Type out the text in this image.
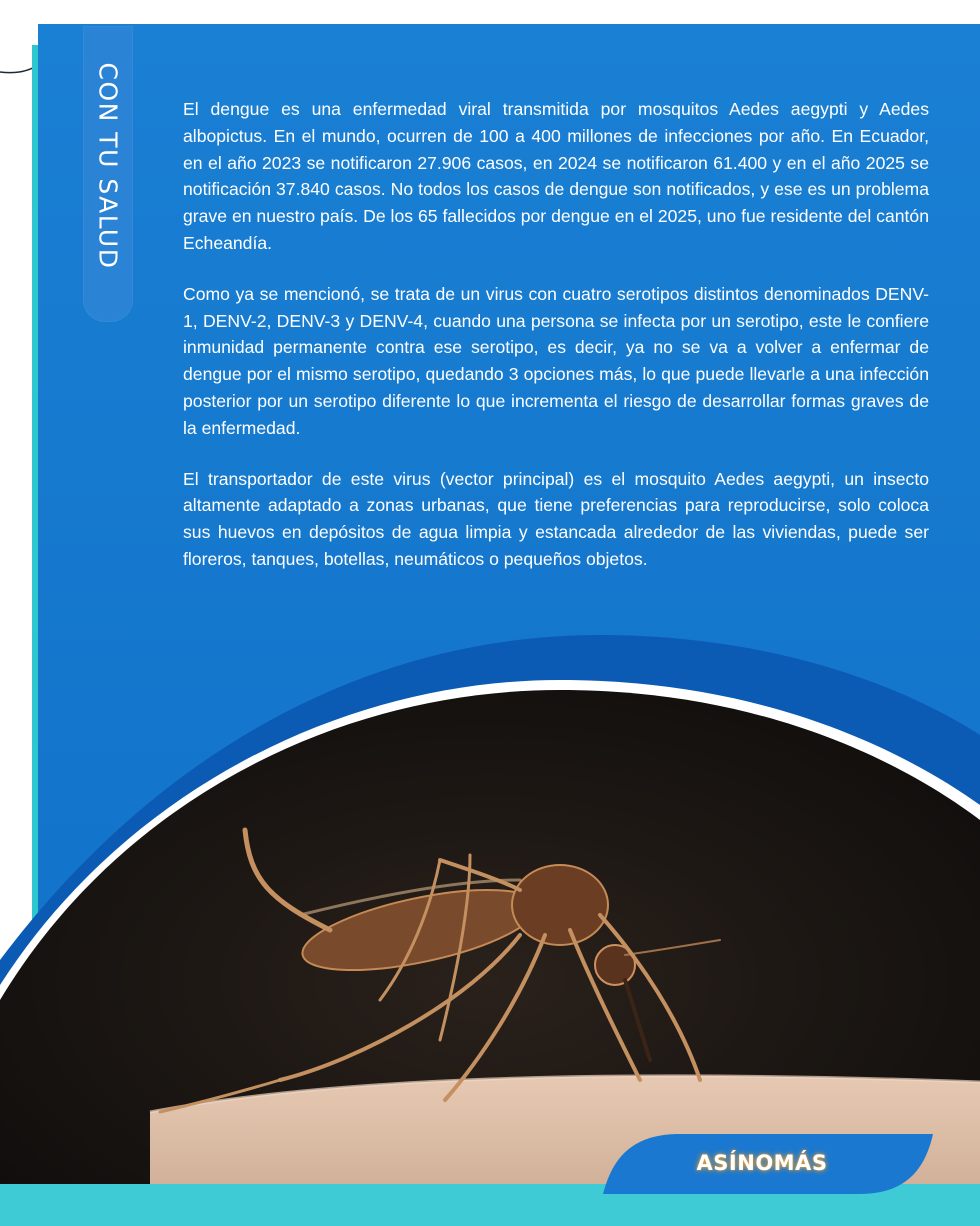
CON TU SALUD	El dengue es una enfermedad viral transmitida por mosquitos Aedes aegypti y Aedes albopictus. En el mundo, ocurren de 100 a 400 millones de infecciones por año. En Ecuador, en el año 2023 se notificaron 27.906 casos, en 2024 se notificaron 61.400 y en el año 2025 se notificación 37.840 casos. No todos los casos de dengue son notificados, y ese es un problema grave en nuestro país. De los 65 fallecidos por dengue en el 2025, uno fue residente del cantón Echeandía.

Como ya se mencionó, se trata de un virus con cuatro serotipos distintos denominados DENV-1, DENV-2, DENV-3 y DENV-4, cuando una persona se infecta por un serotipo, este le confiere inmunidad permanente contra ese serotipo, es decir, ya no se va a volver a enfermar de dengue por el mismo serotipo, quedando 3 opciones más, lo que puede llevarle a una infección posterior por un serotipo diferente lo que incrementa el riesgo de desarrollar formas graves de la enfermedad.

El transportador de este virus (vector principal) es el mosquito Aedes aegypti, un insecto altamente adaptado a zonas urbanas, que tiene preferencias para reproducirse, solo coloca sus huevos en depósitos de agua limpia y estancada alrededor de las viviendas, puede ser floreros, tanques, botellas, neumáticos o pequeños objetos.

ASÍNOMÁS
